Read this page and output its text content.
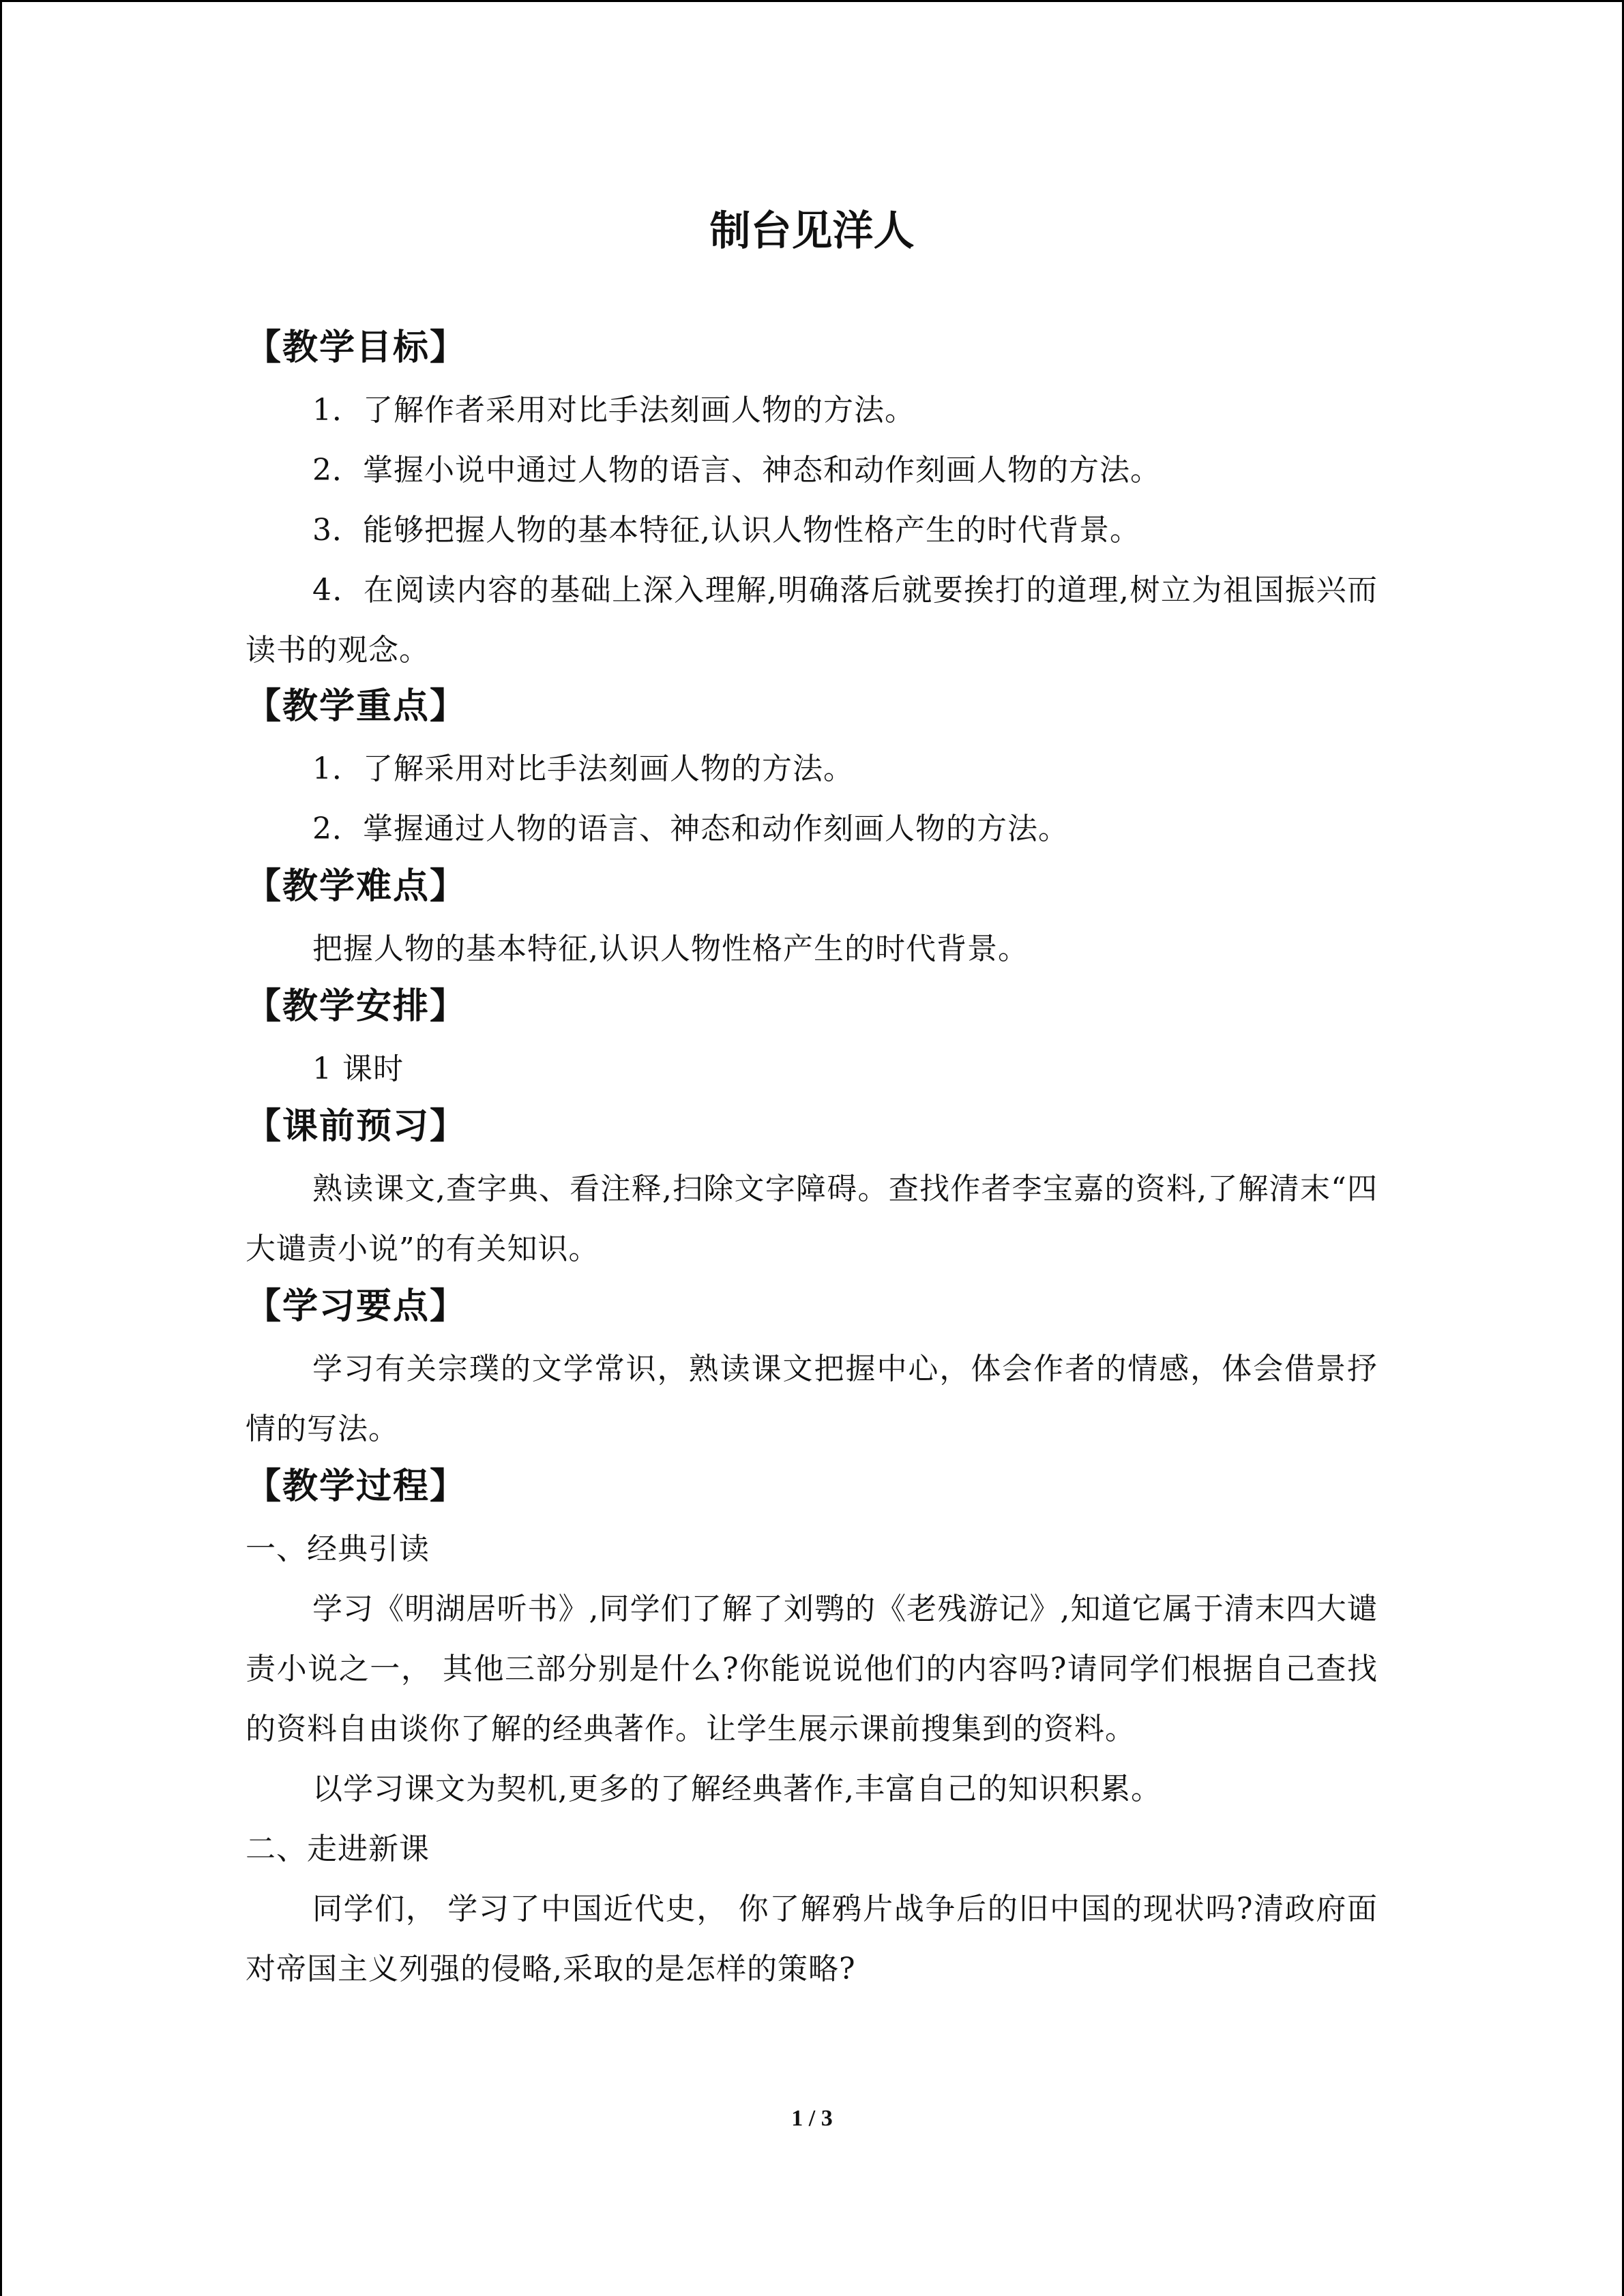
制台见洋人
【教学目标】
1．了解作者采用对比手法刻画人物的方法。
2．掌握小说中通过人物的语言、神态和动作刻画人物的方法。
3．能够把握人物的基本特征,认识人物性格产生的时代背景。
4．在阅读内容的基础上深入理解,明确落后就要挨打的道理,树立为祖国振兴而读书的观念。
【教学重点】
1．了解采用对比手法刻画人物的方法。
2．掌握通过人物的语言、神态和动作刻画人物的方法。
【教学难点】
把握人物的基本特征,认识人物性格产生的时代背景。
【教学安排】
1 课时
【课前预习】
熟读课文,查字典、看注释,扫除文字障碍。查找作者李宝嘉的资料,了解清末“四大谴责小说”的有关知识。
【学习要点】
学习有关宗璞的文学常识，熟读课文把握中心，体会作者的情感，体会借景抒情的写法。
【教学过程】
一、经典引读
学习《明湖居听书》,同学们了解了刘鹗的《老残游记》,知道它属于清末四大谴责小说之一， 其他三部分别是什么?你能说说他们的内容吗?请同学们根据自己查找的资料自由谈你了解的经典著作。让学生展示课前搜集到的资料。
以学习课文为契机,更多的了解经典著作,丰富自己的知识积累。
二、走进新课
同学们， 学习了中国近代史， 你了解鸦片战争后的旧中国的现状吗?清政府面对帝国主义列强的侵略,采取的是怎样的策略?
1 / 3
